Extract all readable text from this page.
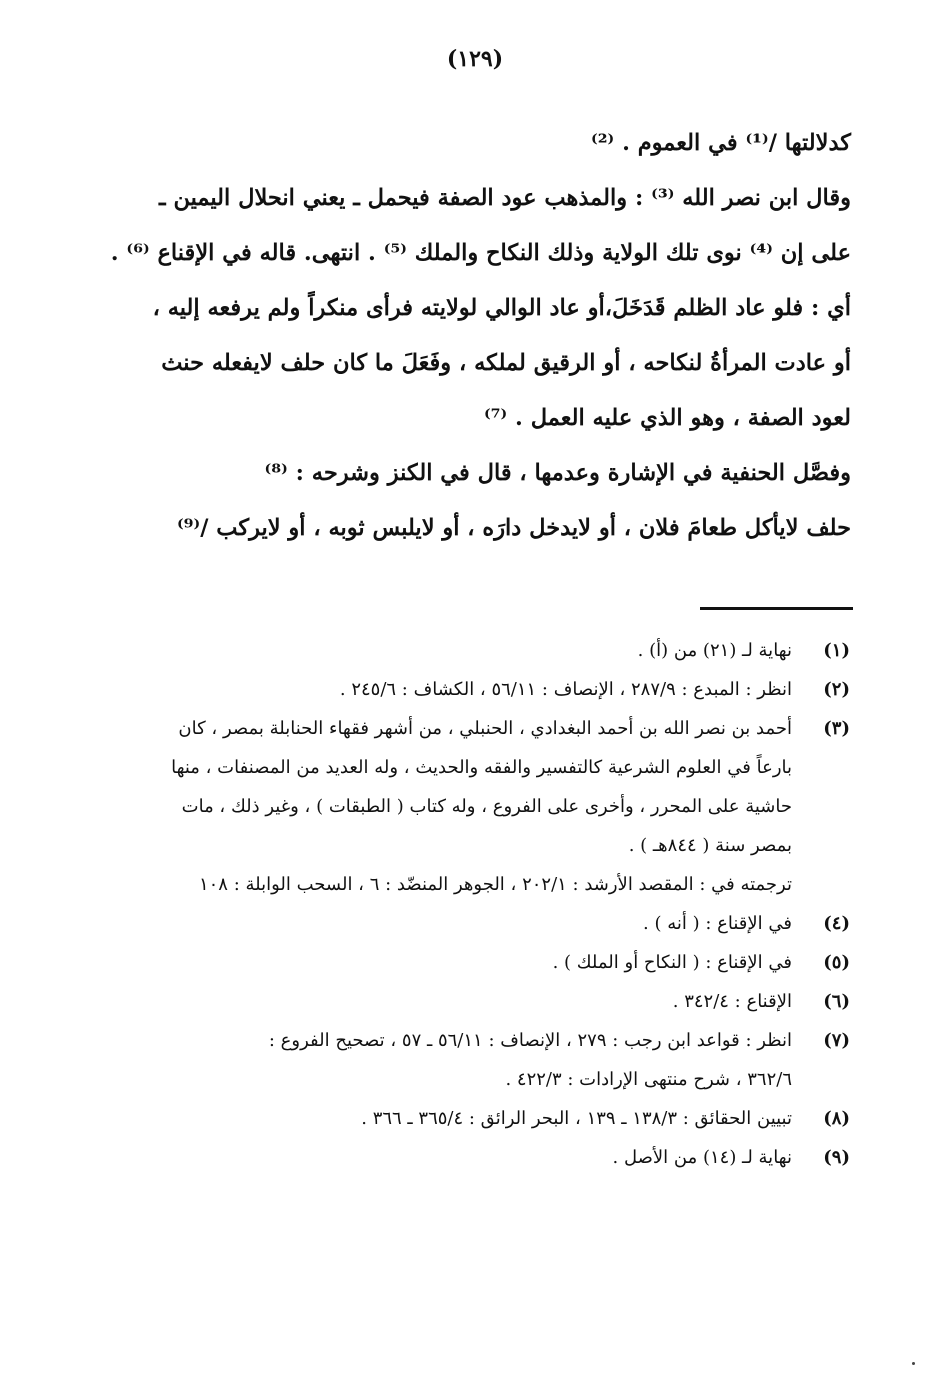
(١٢٩)
كدلالتها /⁽¹⁾ في العموم . ⁽²⁾
وقال ابن نصر الله ⁽³⁾ : والمذهب عود الصفة فيحمل ـ يعني انحلال اليمين ـ
على إن ⁽⁴⁾ نوى تلك الولاية وذلك النكاح والملك ⁽⁵⁾ . انتهى. قاله في الإقناع ⁽⁶⁾ .
أي : فلو عاد الظلم قَدَخَلَ،أو عاد الوالي لولايته فرأى منكراً ولم يرفعه إليه ،
أو عادت المرأةُ لنكاحه ، أو الرقيق لملكه ، وفَعَلَ ما كان حلف لايفعله حنث
لعود الصفة ، وهو الذي عليه العمل . ⁽⁷⁾
وفصَّل الحنفية في الإشارة وعدمها ، قال في الكنز وشرحه : ⁽⁸⁾
حلف لايأكل طعامَ فلان ، أو لايدخل دارَه ، أو لايلبس ثوبه ، أو لايركب /⁽⁹⁾
(١)
نهاية لـ (٢١) من (أ) .
(٢)
انظر : المبدع : ٢٨٧/٩ ، الإنصاف : ٥٦/١١ ، الكشاف : ٢٤٥/٦ .
(٣)
أحمد بن نصر الله بن أحمد البغدادي ، الحنبلي ، من أشهر فقهاء الحنابلة بمصر ، كان
بارعاً في العلوم الشرعية كالتفسير والفقه والحديث ، وله العديد من المصنفات ، منها
حاشية على المحرر ، وأخرى على الفروع ، وله كتاب ( الطبقات ) ، وغير ذلك ، مات
بمصر سنة ( ٨٤٤هـ ) .
ترجمته في : المقصد الأرشد : ٢٠٢/١ ، الجوهر المنضّد : ٦ ، السحب الوابلة : ١٠٨
(٤)
في الإقناع : ( أنه ) .
(٥)
في الإقناع : ( النكاح أو الملك ) .
(٦)
الإقناع : ٣٤٢/٤ .
(٧)
انظر : قواعد ابن رجب : ٢٧٩ ، الإنصاف : ٥٦/١١ ـ ٥٧ ، تصحيح الفروع :
٣٦٢/٦ ، شرح منتهى الإرادات : ٤٢٢/٣ .
(٨)
تبيين الحقائق : ١٣٨/٣ ـ ١٣٩ ، البحر الرائق : ٣٦٥/٤ ـ ٣٦٦ .
(٩)
نهاية لـ (١٤) من الأصل .
